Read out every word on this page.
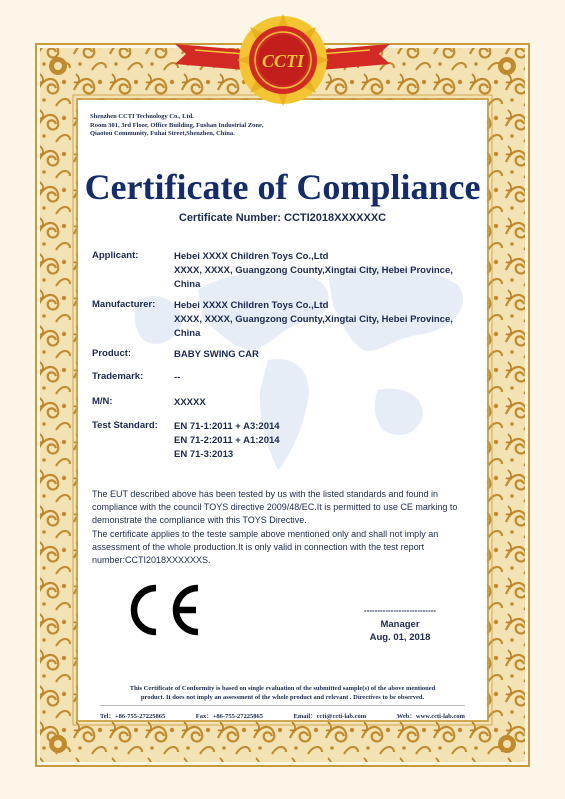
CCTI
Shenzhen CCTI Technology Co., Ltd.
Room 301, 3rd Floor, Office Building, Fushan Industrial Zone,
Qiaotou Community, Fuhai Street,Shenzhen, China.
Certificate of Compliance
Certificate Number: CCTI2018XXXXXXC
Applicant:	Hebei XXXX Children Toys Co.,Ltd
XXXX, XXXX, Guangzong County,Xingtai City, Hebei Province,
China
Manufacturer:	Hebei XXXX Children Toys Co.,Ltd
XXXX, XXXX, Guangzong County,Xingtai City, Hebei Province,
China
Product:	BABY SWING CAR
Trademark:	--
M/N:	XXXXX
Test Standard:	EN 71-1:2011 + A3:2014
EN 71-2:2011 + A1:2014
EN 71-3:2013

The EUT described above has been tested by us with the listed standards and found in compliance with the council TOYS directive 2009/48/EC.It is permitted to use CE marking to demonstrate the compliance with this TOYS Directive.

The certificate applies to the teste sample above mentioned only and shall not imply an assessment of the whole production.It is only valid in connection with the test report number:CCTI2018XXXXXXS.

---------------------------
Manager
Aug. 01, 2018
This Certificate of Conformity is based on single evaluation of the submitted sample(s) of the above mentioned
product. It does not imply an assessment of the whole product and relevant . Directives to be observed.
Tel：+86-755-27225865	Fax：+86-755-27225865	Email：ccti@ccti-lab.com	Web：www.ccti-lab.com
